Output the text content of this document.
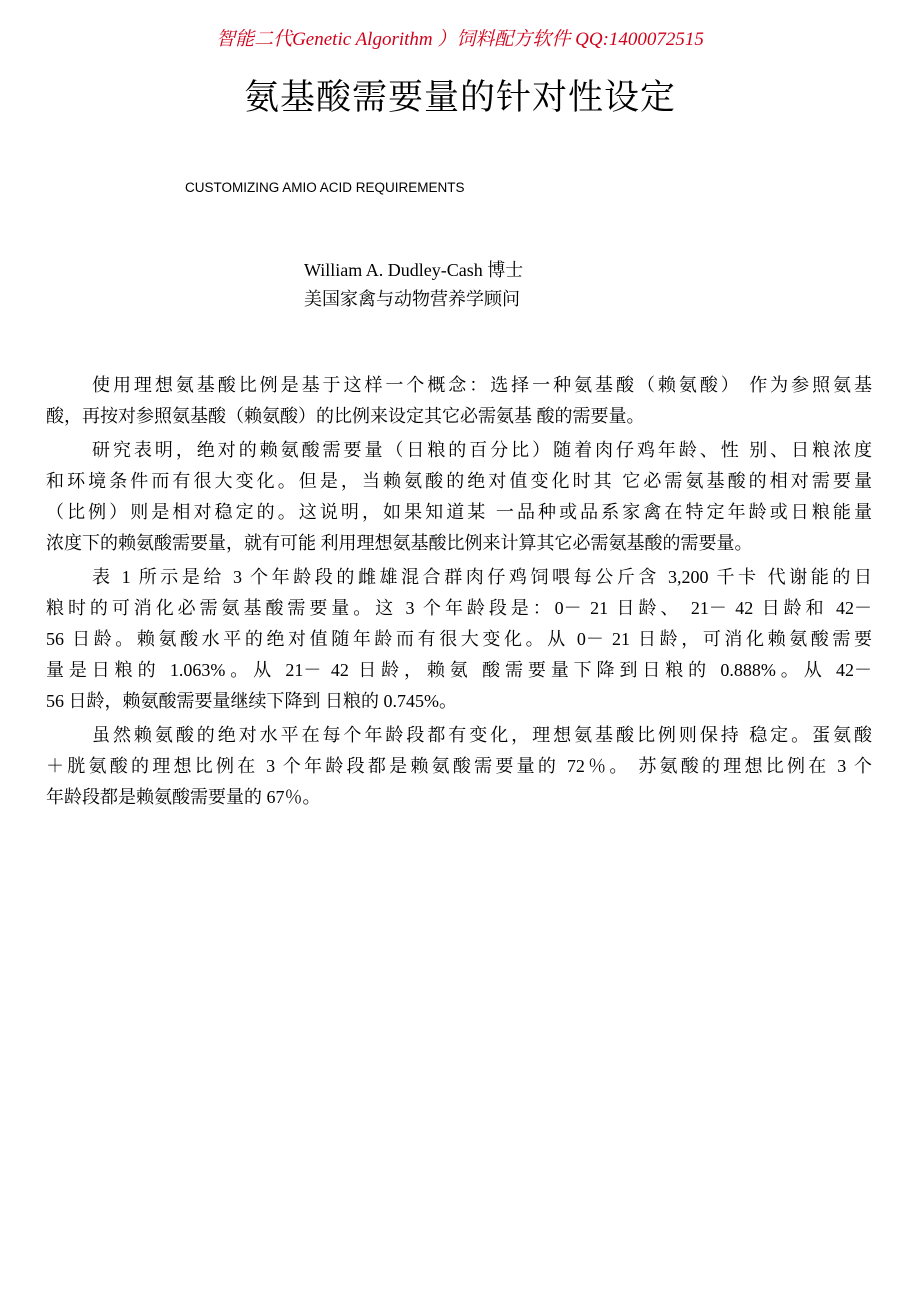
智能二代Genetic Algorithm ）饲料配方软件 QQ:1400072515
氨基酸需要量的针对性设定
CUSTOMIZING AMIO ACID REQUIREMENTS
William A. Dudley-Cash 博士
美国家禽与动物营养学顾问
使用理想氨基酸比例是基于这样一个概念：选择一种氨基酸（赖氨酸） 作为参照氨基
酸，再按对参照氨基酸（赖氨酸）的比例来设定其它必需氨基 酸的需要量。
研究表明，绝对的赖氨酸需要量（日粮的百分比）随着肉仔鸡年龄、性 别、日粮浓度
和环境条件而有很大变化。但是，当赖氨酸的绝对值变化时其 它必需氨基酸的相对需要量
（比例）则是相对稳定的。这说明，如果知道某 一品种或品系家禽在特定年龄或日粮能量
浓度下的赖氨酸需要量，就有可能 利用理想氨基酸比例来计算其它必需氨基酸的需要量。
表 1 所示是给 3 个年龄段的雌雄混合群肉仔鸡饲喂每公斤含 3,200 千卡 代谢能的日
粮时的可消化必需氨基酸需要量。这 3 个年龄段是：0－ 21 日龄、 21－ 42 日龄和 42－
56 日龄。赖氨酸水平的绝对值随年龄而有很大变化。从 0－ 21 日龄，可消化赖氨酸需要
量是日粮的 1.063%。从 21－ 42 日龄，赖氨 酸需要量下降到日粮的 0.888%。从 42－
56 日龄，赖氨酸需要量继续下降到 日粮的 0.745%。
虽然赖氨酸的绝对水平在每个年龄段都有变化，理想氨基酸比例则保持 稳定。蛋氨酸
＋胱氨酸的理想比例在 3 个年龄段都是赖氨酸需要量的 72％。 苏氨酸的理想比例在 3 个
年龄段都是赖氨酸需要量的 67％。
